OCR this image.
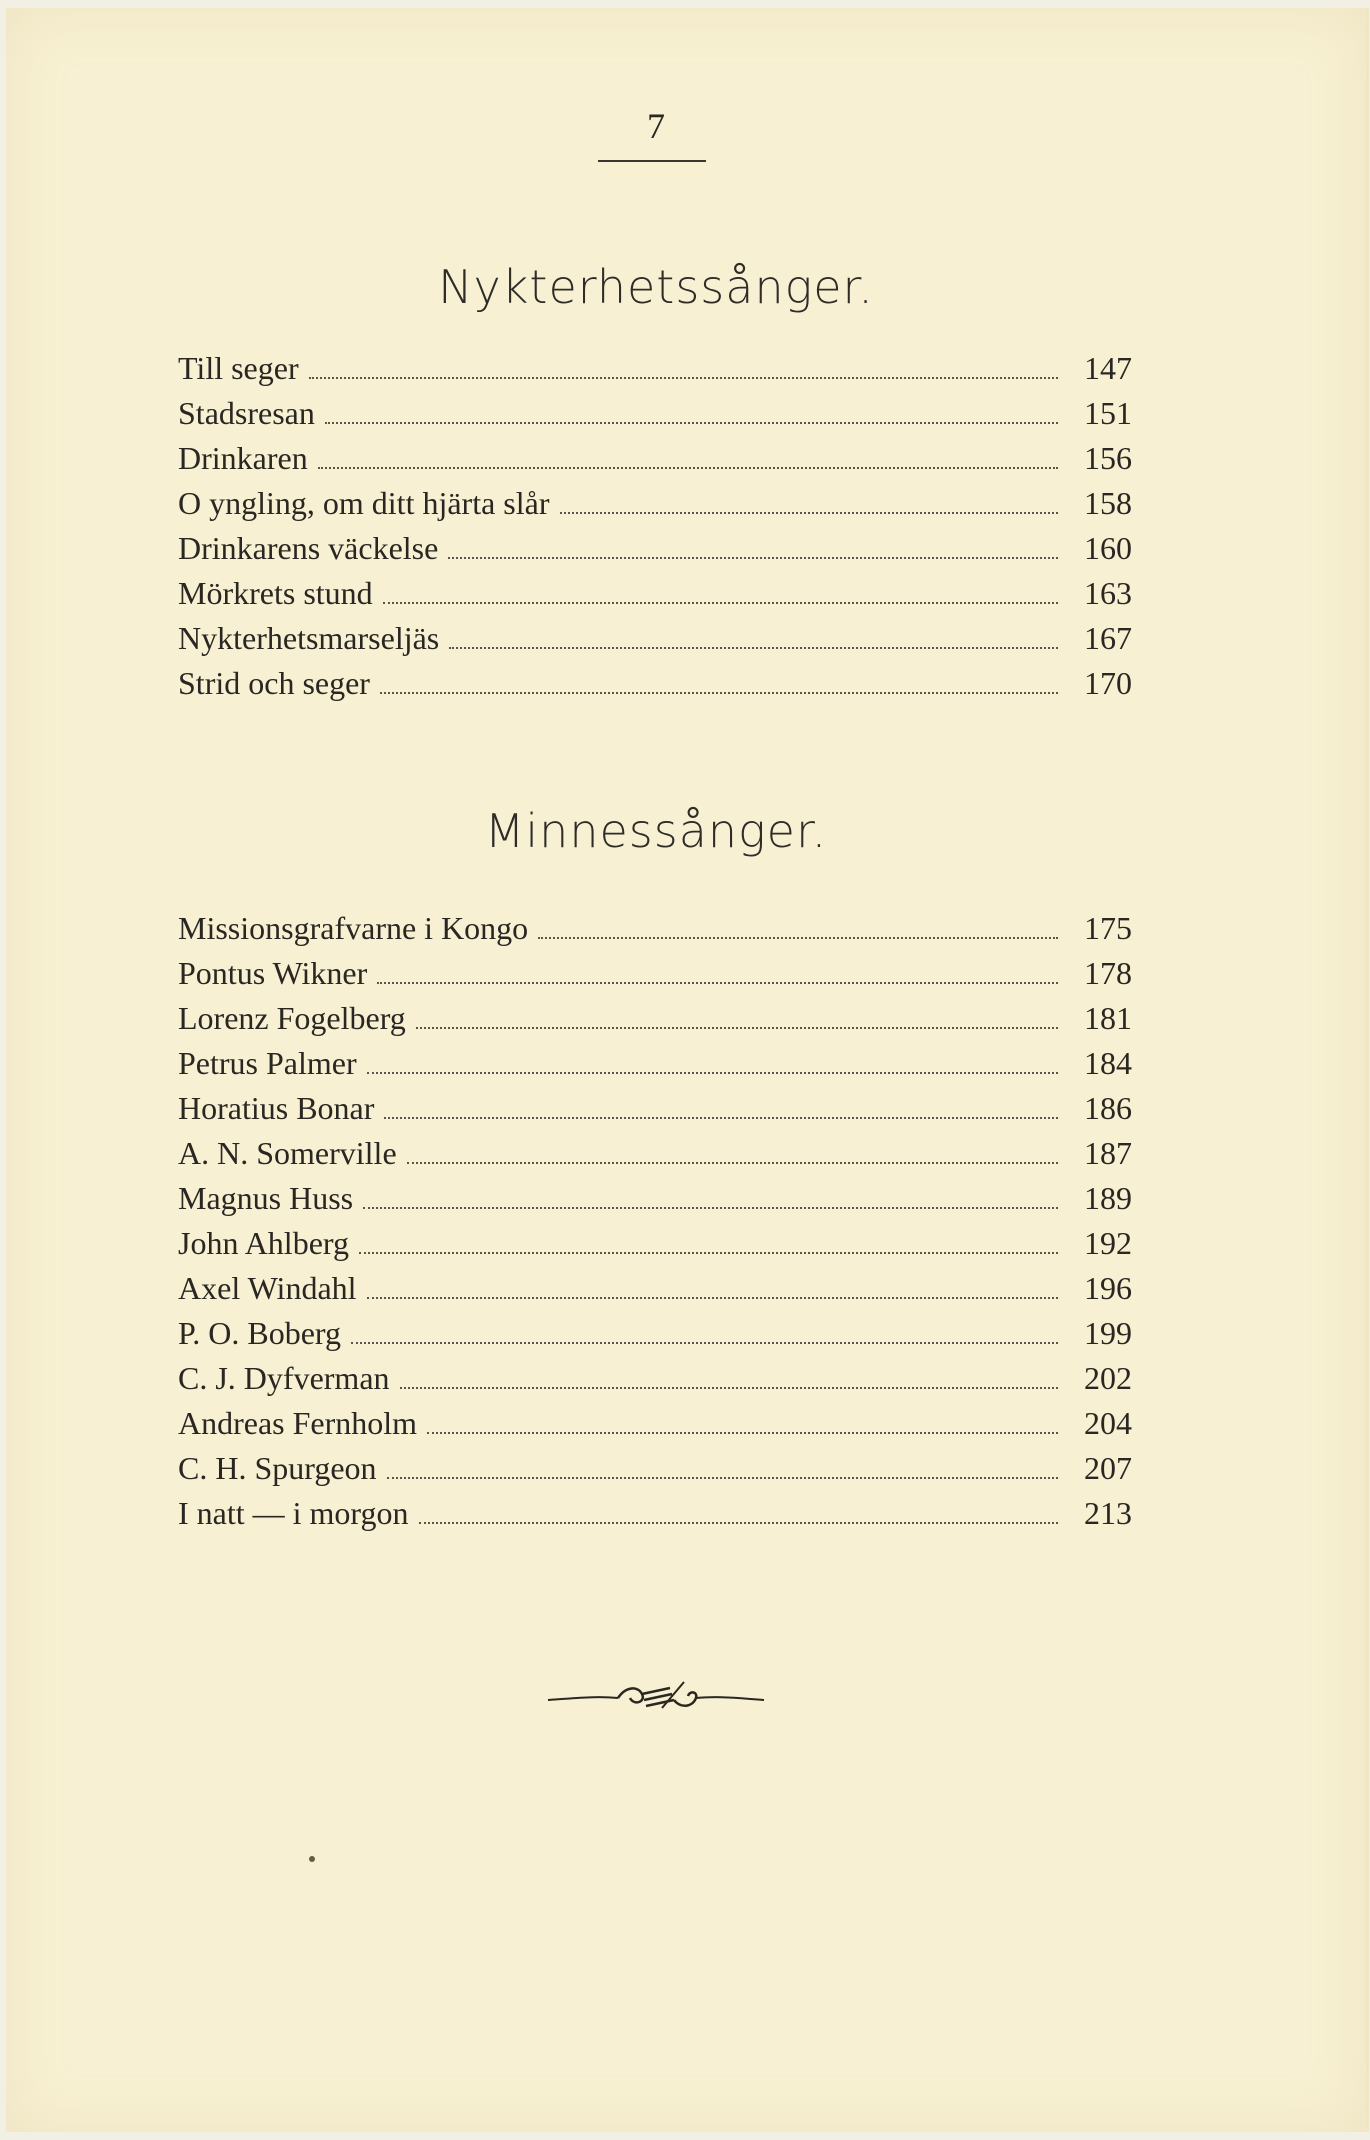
7
Nykterhetssånger.
Till seger	147
Stadsresan	151
Drinkaren	156
O yngling, om ditt hjärta slår	158
Drinkarens väckelse	160
Mörkrets stund	163
Nykterhetsmarseljäs	167
Strid och seger	170
Minnessånger.
Missionsgrafvarne i Kongo	175
Pontus Wikner	178
Lorenz Fogelberg	181
Petrus Palmer	184
Horatius Bonar	186
A. N. Somerville	187
Magnus Huss	189
John Ahlberg	192
Axel Windahl	196
P. O. Boberg	199
C. J. Dyfverman	202
Andreas Fernholm	204
C. H. Spurgeon	207
I natt — i morgon	213
